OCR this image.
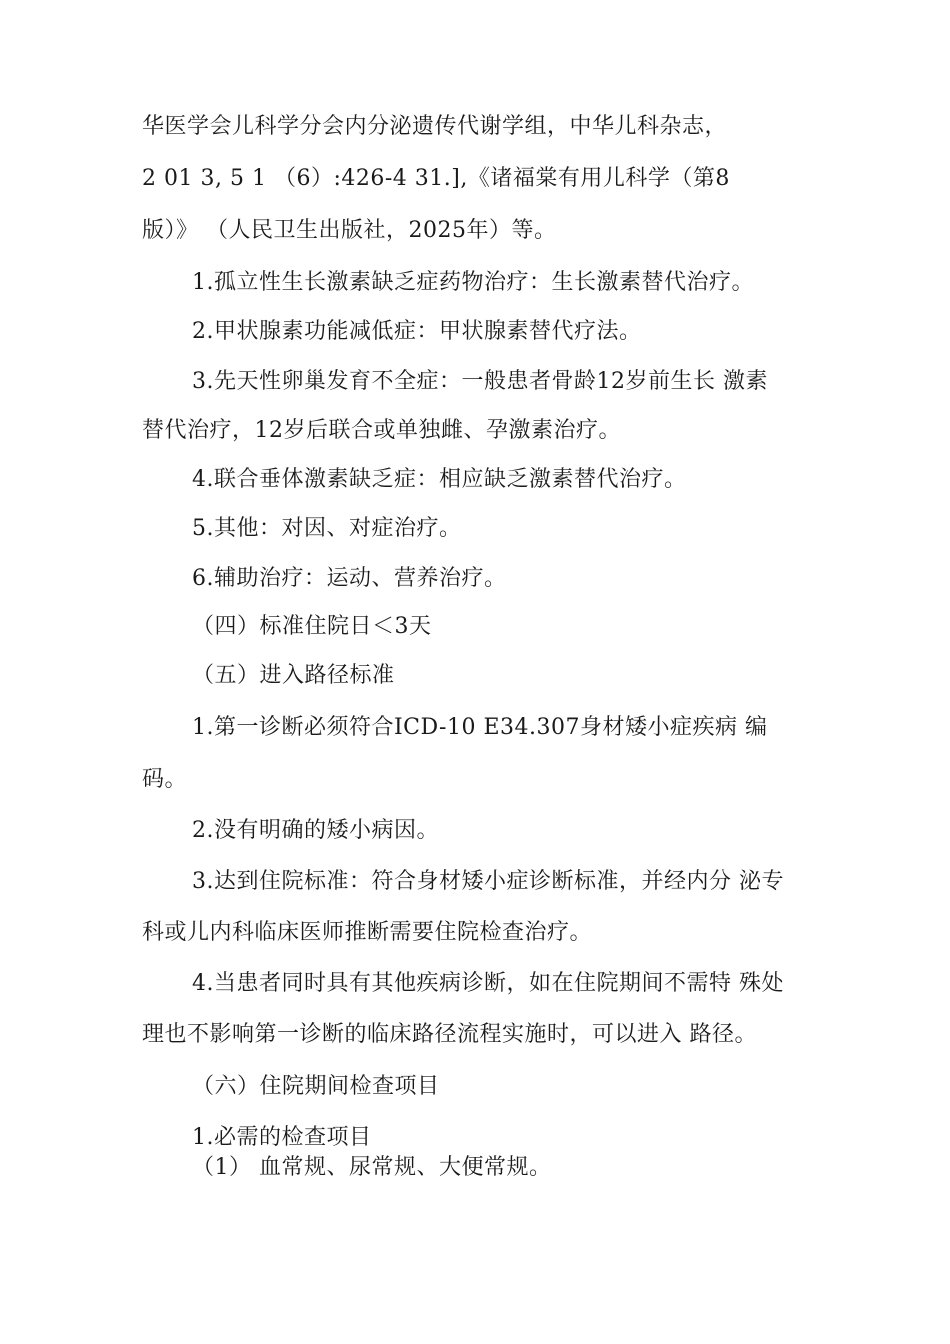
华医学会儿科学分会内分泌遗传代谢学组，中华儿科杂志，

2 01 3, 5 1 （6）:426-4 31.],《诸福棠有用儿科学（第8

版）》 （人民卫生出版社，2025年）等。

1.孤立性生长激素缺乏症药物治疗：生长激素替代治疗。

2.甲状腺素功能减低症：甲状腺素替代疗法。

3.先天性卵巢发育不全症：一般患者骨龄12岁前生长 激素

替代治疗，12岁后联合或单独雌、孕激素治疗。

4.联合垂体激素缺乏症：相应缺乏激素替代治疗。

5.其他：对因、对症治疗。

6.辅助治疗：运动、营养治疗。

（四）标准住院日＜3天

（五）进入路径标准

1.第一诊断必须符合ICD-10 E34.307身材矮小症疾病 编

码。

2.没有明确的矮小病因。

3.达到住院标准：符合身材矮小症诊断标准，并经内分 泌专

科或儿内科临床医师推断需要住院检查治疗。

4.当患者同时具有其他疾病诊断，如在住院期间不需特 殊处

理也不影响第一诊断的临床路径流程实施时，可以进入 路径。

（六）住院期间检查项目

1.必需的检查项目

（1） 血常规、尿常规、大便常规。
